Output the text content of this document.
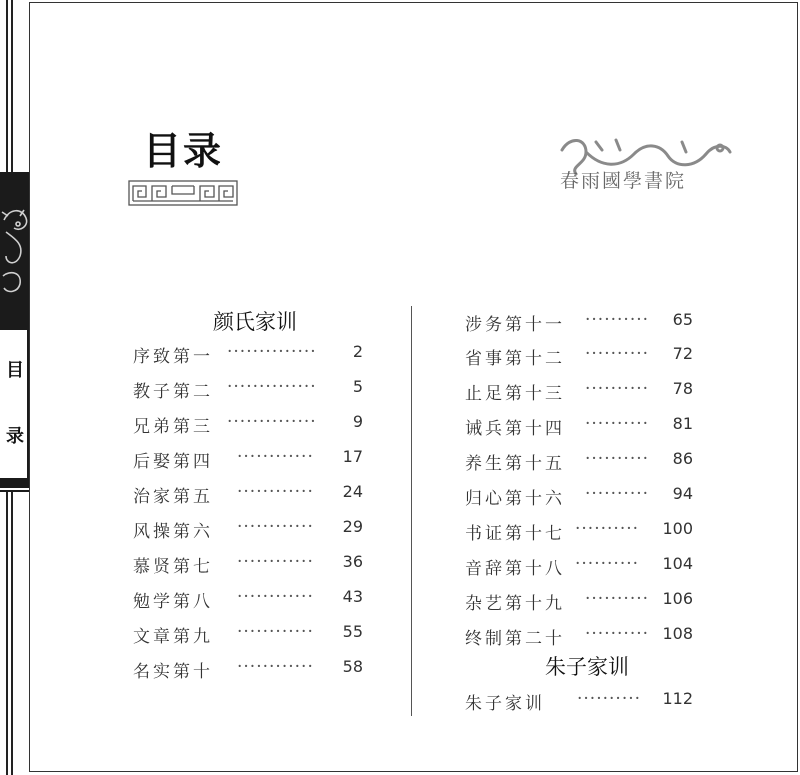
目
录
目录
春雨國學書院
颜氏家训
朱子家训
序致第一 ··············	2
教子第二 ··············	5
兄弟第三 ··············	9
后娶第四 ············	17
治家第五 ············	24
风操第六 ············	29
慕贤第七 ············	36
勉学第八 ············	43
文章第九 ············	55
名实第十 ············	58
涉务第十一 ··········	65
省事第十二 ··········	72
止足第十三 ··········	78
诫兵第十四 ··········	81
养生第十五 ··········	86
归心第十六 ··········	94
书证第十七 ··········	100
音辞第十八 ··········	104
杂艺第十九 ·········· 106
终制第二十 ·········· 108
朱子家训 ··········	112
